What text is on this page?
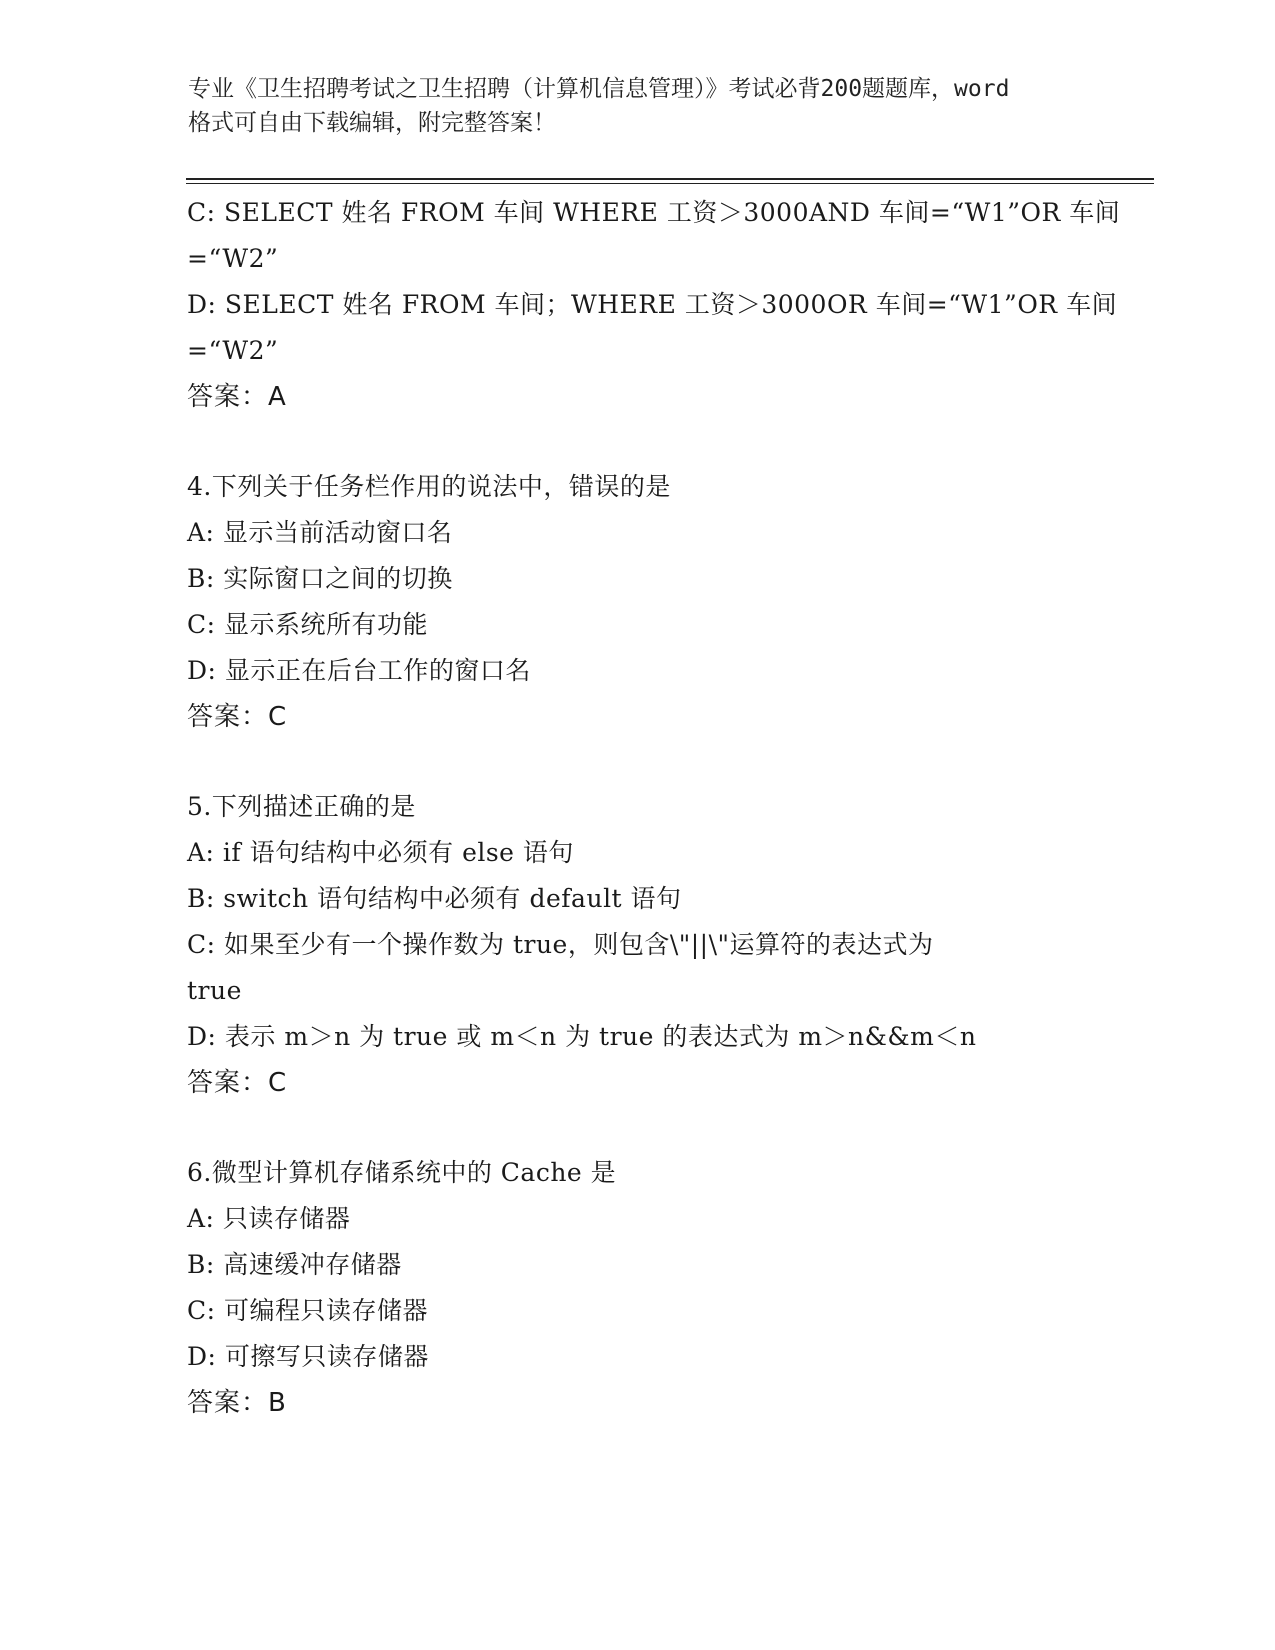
专业《卫生招聘考试之卫生招聘（计算机信息管理）》考试必背200题题库，word
格式可自由下载编辑，附完整答案！
C: SELECT 姓名 FROM 车间 WHERE 工资＞3000AND 车间=“W1”OR 车间
=“W2”
D: SELECT 姓名 FROM 车间；WHERE 工资＞3000OR 车间=“W1”OR 车间
=“W2”
答案：A
4.下列关于任务栏作用的说法中，错误的是
A: 显示当前活动窗口名
B: 实际窗口之间的切换
C: 显示系统所有功能
D: 显示正在后台工作的窗口名
答案：C
5.下列描述正确的是
A: if 语句结构中必须有 else 语句
B: switch 语句结构中必须有 default 语句
C: 如果至少有一个操作数为 true，则包含\"||\"运算符的表达式为
true
D: 表示 m＞n 为 true 或 m＜n 为 true 的表达式为 m＞n&&m＜n
答案：C
6.微型计算机存储系统中的 Cache 是
A: 只读存储器
B: 高速缓冲存储器
C: 可编程只读存储器
D: 可擦写只读存储器
答案：B
